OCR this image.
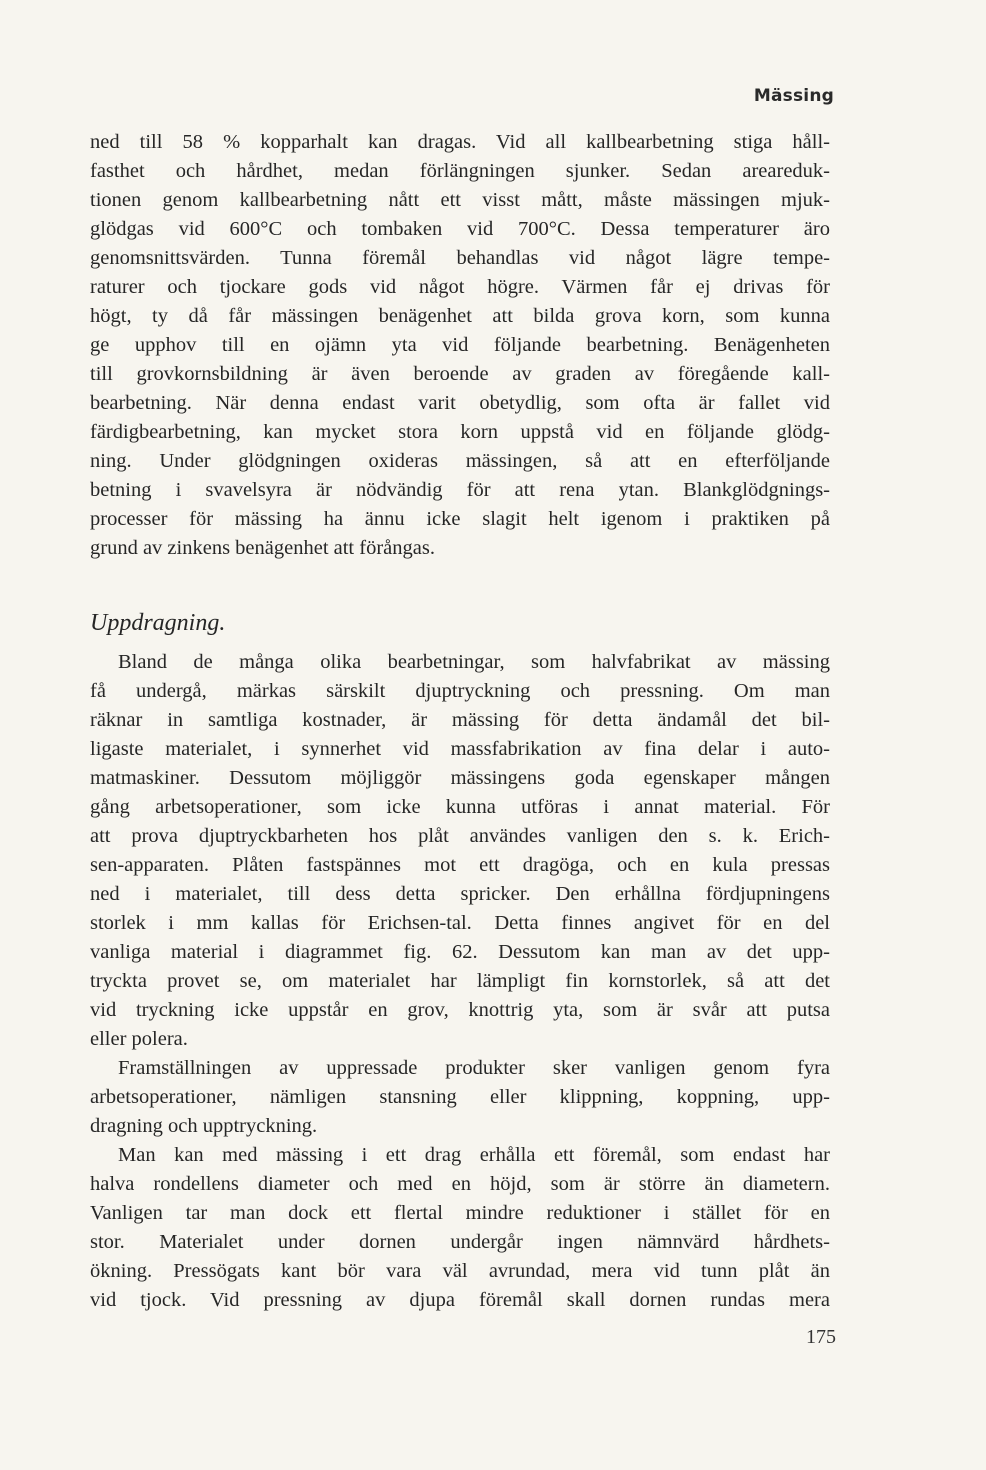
Mässing
ned till 58 % kopparhalt kan dragas. Vid all kallbearbetning stiga håll-
fasthet och hårdhet, medan förlängningen sjunker. Sedan areareduk-
tionen genom kallbearbetning nått ett visst mått, måste mässingen mjuk-
glödgas vid 600°C och tombaken vid 700°C. Dessa temperaturer äro
genomsnittsvärden. Tunna föremål behandlas vid något lägre tempe-
raturer och tjockare gods vid något högre. Värmen får ej drivas för
högt, ty då får mässingen benägenhet att bilda grova korn, som kunna
ge upphov till en ojämn yta vid följande bearbetning. Benägenheten
till grovkornsbildning är även beroende av graden av föregående kall-
bearbetning. När denna endast varit obetydlig, som ofta är fallet vid
färdigbearbetning, kan mycket stora korn uppstå vid en följande glödg-
ning. Under glödgningen oxideras mässingen, så att en efterföljande
betning i svavelsyra är nödvändig för att rena ytan. Blankglödgnings-
processer för mässing ha ännu icke slagit helt igenom i praktiken på
grund av zinkens benägenhet att förångas.
Uppdragning.
Bland de många olika bearbetningar, som halvfabrikat av mässing
få undergå, märkas särskilt djuptryckning och pressning. Om man
räknar in samtliga kostnader, är mässing för detta ändamål det bil-
ligaste materialet, i synnerhet vid massfabrikation av fina delar i auto-
matmaskiner. Dessutom möjliggör mässingens goda egenskaper mången
gång arbetsoperationer, som icke kunna utföras i annat material. För
att prova djuptryckbarheten hos plåt användes vanligen den s. k. Erich-
sen-apparaten. Plåten fastspännes mot ett dragöga, och en kula pressas
ned i materialet, till dess detta spricker. Den erhållna fördjupningens
storlek i mm kallas för Erichsen-tal. Detta finnes angivet för en del
vanliga material i diagrammet fig. 62. Dessutom kan man av det upp-
tryckta provet se, om materialet har lämpligt fin kornstorlek, så att det
vid tryckning icke uppstår en grov, knottrig yta, som är svår att putsa
eller polera.
Framställningen av uppressade produkter sker vanligen genom fyra
arbetsoperationer, nämligen stansning eller klippning, koppning, upp-
dragning och upptryckning.
Man kan med mässing i ett drag erhålla ett föremål, som endast har
halva rondellens diameter och med en höjd, som är större än diametern.
Vanligen tar man dock ett flertal mindre reduktioner i stället för en
stor. Materialet under dornen undergår ingen nämnvärd hårdhets-
ökning. Pressögats kant bör vara väl avrundad, mera vid tunn plåt än
vid tjock. Vid pressning av djupa föremål skall dornen rundas mera
175
